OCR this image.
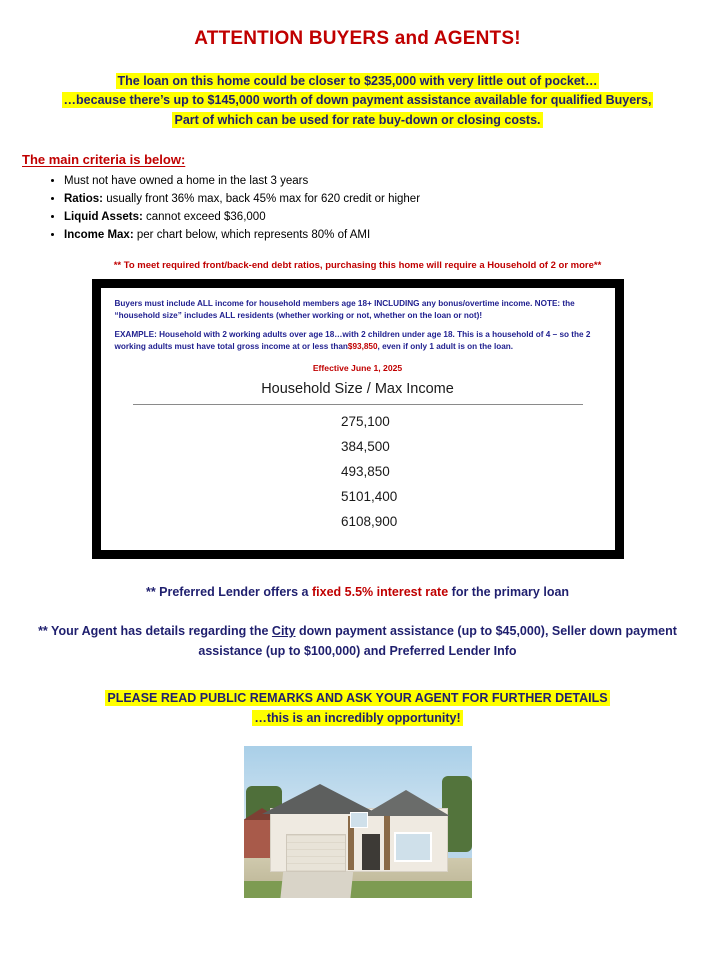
ATTENTION BUYERS and AGENTS!
The loan on this home could be closer to $235,000 with very little out of pocket…
…because there’s up to $145,000 worth of down payment assistance available for qualified Buyers,
Part of which can be used for rate buy-down or closing costs.
The main criteria is below:
• Must not have owned a home in the last 3 years
• Ratios: usually front 36% max, back 45% max for 620 credit or higher
• Liquid Assets: cannot exceed $36,000
• Income Max: per chart below, which represents 80% of AMI
** To meet required front/back-end debt ratios, purchasing this home will require a Household of 2 or more**
Buyers must include ALL income for household members age 18+ INCLUDING any bonus/overtime income. NOTE: the “household size” includes ALL residents (whether working or not, whether on the loan or not)!
EXAMPLE: Household with 2 working adults over age 18…with 2 children under age 18. This is a household of 4 – so the 2 working adults must have total gross income at or less than$93,850, even if only 1 adult is on the loan.
Effective June 1, 2025
Household Size / Max Income
2	75,100
3	84,500
4	93,850
5	101,400
6	108,900
** Preferred Lender offers a fixed 5.5% interest rate for the primary loan
** Your Agent has details regarding the City down payment assistance (up to $45,000), Seller down payment assistance (up to $100,000) and Preferred Lender Info
PLEASE READ PUBLIC REMARKS AND ASK YOUR AGENT FOR FURTHER DETAILS
…this is an incredibly opportunity!
